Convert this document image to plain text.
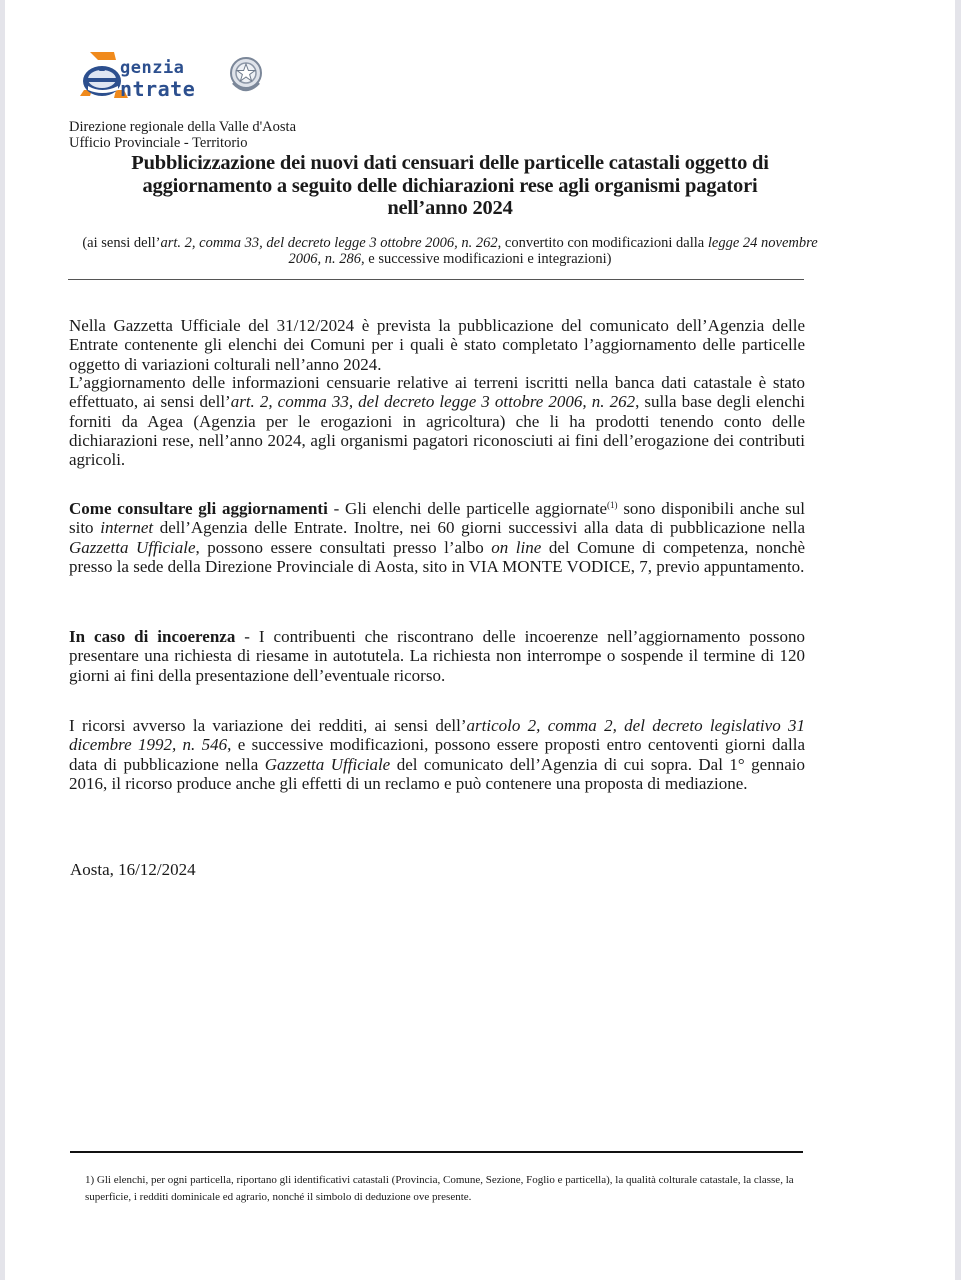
genzia
ntrate
Direzione regionale della Valle d'Aosta
Ufficio Provinciale - Territorio
Pubblicizzazione dei nuovi dati censuari delle particelle catastali oggetto di
aggiornamento a seguito delle dichiarazioni rese agli organismi pagatori
nell’anno 2024
(ai sensi dell’art. 2, comma 33, del decreto legge 3 ottobre 2006, n. 262, convertito con modificazioni dalla legge 24 novembre 2006, n. 286, e successive modificazioni e integrazioni)
Nella Gazzetta Ufficiale del 31/12/2024 è prevista la pubblicazione del comunicato dell’Agenzia delle Entrate contenente gli elenchi dei Comuni per i quali è stato completato l’aggiornamento delle particelle oggetto di variazioni colturali nell’anno 2024.
L’aggiornamento delle informazioni censuarie relative ai terreni iscritti nella banca dati catastale è stato effettuato, ai sensi dell’art. 2, comma 33, del decreto legge 3 ottobre 2006, n. 262, sulla base degli elenchi forniti da Agea (Agenzia per le erogazioni in agricoltura) che li ha prodotti tenendo conto delle dichiarazioni rese, nell’anno 2024, agli organismi pagatori riconosciuti ai fini dell’erogazione dei contributi agricoli.
Come consultare gli aggiornamenti - Gli elenchi delle particelle aggiornate$^{(1)}$ sono disponibili anche sul sito internet dell’Agenzia delle Entrate. Inoltre, nei 60 giorni successivi alla data di pubblicazione nella Gazzetta Ufficiale, possono essere consultati presso l’albo on line del Comune di competenza, nonchè presso la sede della Direzione Provinciale di Aosta, sito in VIA MONTE VODICE, 7, previo appuntamento.
In caso di incoerenza - I contribuenti che riscontrano delle incoerenze nell’aggiornamento possono presentare una richiesta di riesame in autotutela. La richiesta non interrompe o sospende il termine di 120 giorni ai fini della presentazione dell’eventuale ricorso.
I ricorsi avverso la variazione dei redditi, ai sensi dell’articolo 2, comma 2, del decreto legislativo 31 dicembre 1992, n. 546, e successive modificazioni, possono essere proposti entro centoventi giorni dalla data di pubblicazione nella Gazzetta Ufficiale del comunicato dell’Agenzia di cui sopra. Dal 1° gennaio 2016, il ricorso produce anche gli effetti di un reclamo e può contenere una proposta di mediazione.
Aosta, 16/12/2024
1) Gli elenchi, per ogni particella, riportano gli identificativi catastali (Provincia, Comune, Sezione, Foglio e particella), la qualità colturale catastale, la classe, la superficie, i redditi dominicale ed agrario, nonché il simbolo di deduzione ove presente.
